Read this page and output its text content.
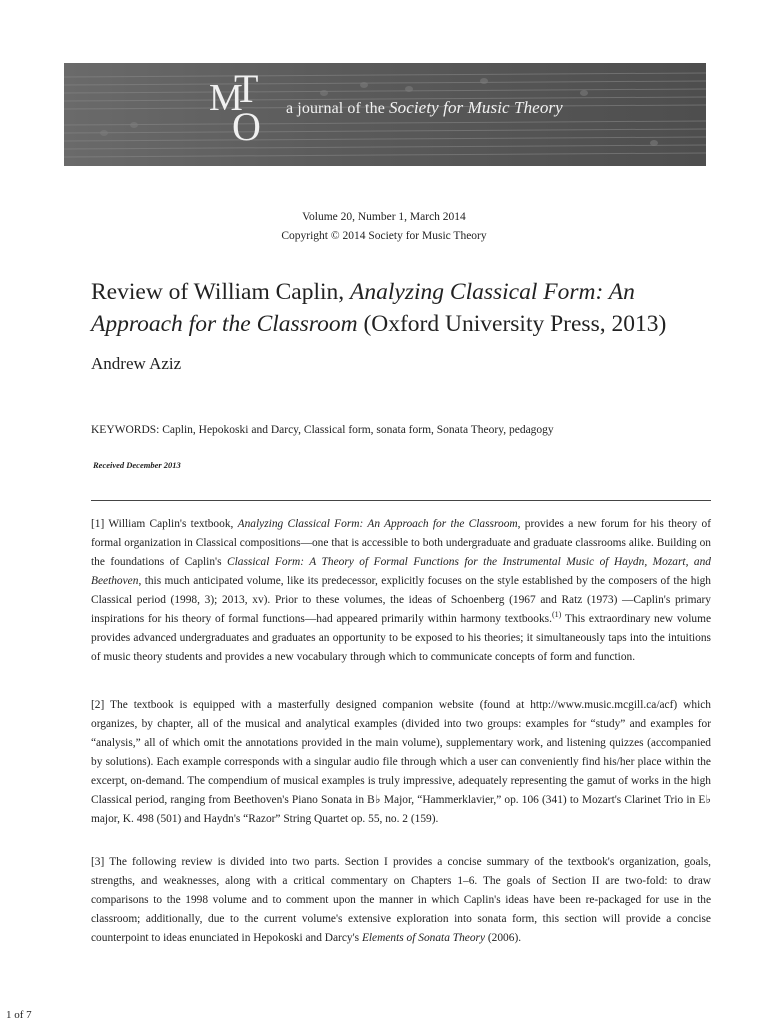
M
T
O a journal of the Society for Music Theory
Volume 20, Number 1, March 2014
Copyright © 2014 Society for Music Theory
Review of William Caplin, Analyzing Classical Form: An Approach for the Classroom (Oxford University Press, 2013)
Andrew Aziz
KEYWORDS: Caplin, Hepokoski and Darcy, Classical form, sonata form, Sonata Theory, pedagogy
Received December 2013

[1] William Caplin's textbook, Analyzing Classical Form: An Approach for the Classroom, provides a new forum for his theory of formal organization in Classical compositions—one that is accessible to both undergraduate and graduate classrooms alike. Building on the foundations of Caplin's Classical Form: A Theory of Formal Functions for the Instrumental Music of Haydn, Mozart, and Beethoven, this much anticipated volume, like its predecessor, explicitly focuses on the style established by the composers of the high Classical period (1998, 3); 2013, xv). Prior to these volumes, the ideas of Schoenberg (1967 and Ratz (1973) —Caplin's primary inspirations for his theory of formal functions—had appeared primarily within harmony textbooks.$^{(1)}$ This extraordinary new volume provides advanced undergraduates and graduates an opportunity to be exposed to his theories; it simultaneously taps into the intuitions of music theory students and provides a new vocabulary through which to communicate concepts of form and function.

[2] The textbook is equipped with a masterfully designed companion website (found at http://www.music.mcgill.ca/acf) which organizes, by chapter, all of the musical and analytical examples (divided into two groups: examples for “study” and examples for “analysis,” all of which omit the annotations provided in the main volume), supplementary work, and listening quizzes (accompanied by solutions). Each example corresponds with a singular audio file through which a user can conveniently find his/her place within the excerpt, on-demand. The compendium of musical examples is truly impressive, adequately representing the gamut of works in the high Classical period, ranging from Beethoven's Piano Sonata in B♭ Major, “Hammerklavier,” op. 106 (341) to Mozart's Clarinet Trio in E♭ major, K. 498 (501) and Haydn's “Razor” String Quartet op. 55, no. 2 (159).

[3] The following review is divided into two parts. Section I provides a concise summary of the textbook's organization, goals, strengths, and weaknesses, along with a critical commentary on Chapters 1–6. The goals of Section II are two-fold: to draw comparisons to the 1998 volume and to comment upon the manner in which Caplin's ideas have been re-packaged for use in the classroom; additionally, due to the current volume's extensive exploration into sonata form, this section will provide a concise counterpoint to ideas enunciated in Hepokoski and Darcy's Elements of Sonata Theory (2006).

1 of 7
